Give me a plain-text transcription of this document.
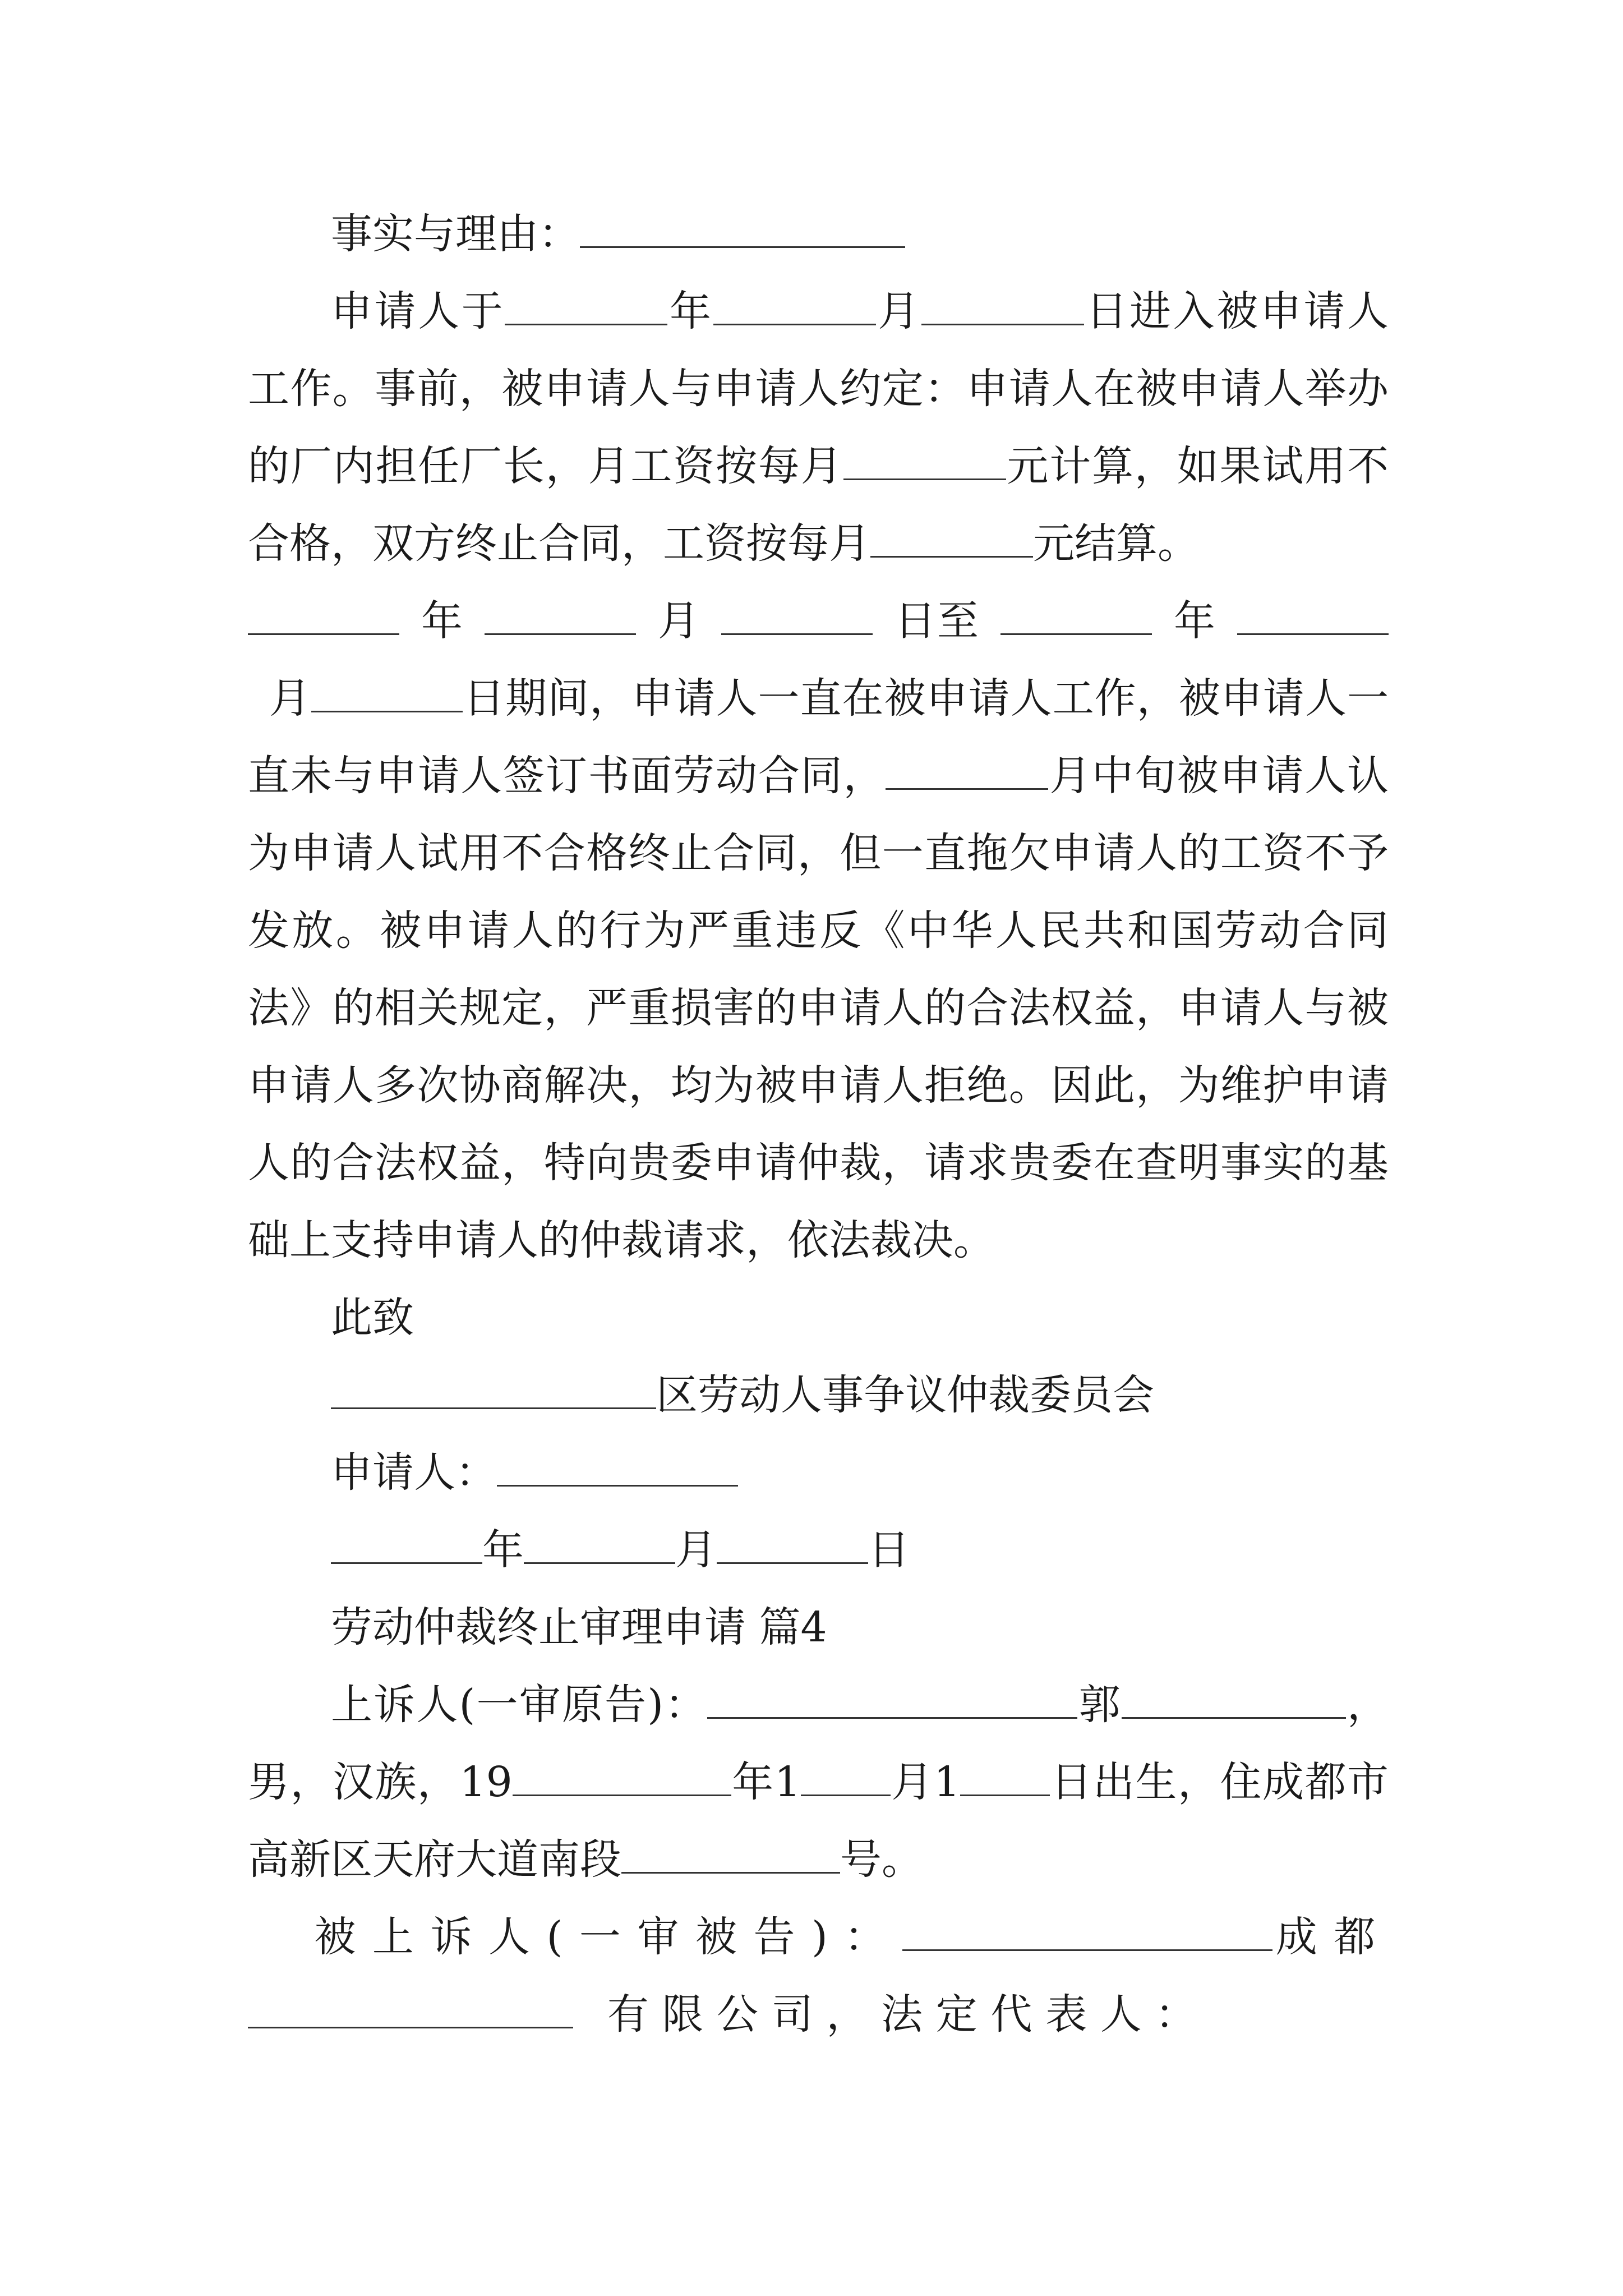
事实与理由：

申请人于	年	月	日进入被申请人工作。事前，被申请人与申请人约定：申请人在被申请人举办的厂内担任厂长，月工资按每月	元计算，如果试用不合格，双方终止合同，工资按每月	元结算。

 年  	月  	日至  	年  月	日期间，申请人一直在被申请人工作，被申请人一直未与申请人签订书面劳动合同，	月中旬被申请人认为申请人试用不合格终止合同，但一直拖欠申请人的工资不予发放。被申请人的行为严重违反《中华人民共和国劳动合同法》的相关规定，严重损害的申请人的合法权益，申请人与被申请人多次协商解决，均为被申请人拒绝。因此，为维护申请人的合法权益，特向贵委申请仲裁，请求贵委在查明事实的基础上支持申请人的仲裁请求，依法裁决。

此致

区劳动人事争议仲裁委员会

申请人：

年	月	日

劳动仲裁终止审理申请 篇4

上诉人(一审原告)：	郭	，男，汉族，19	年1 月1 日出生，住成都市高新区天府大道南段	号。

被上诉人(一审被告)：	成都 有限公司，法定代表人：
